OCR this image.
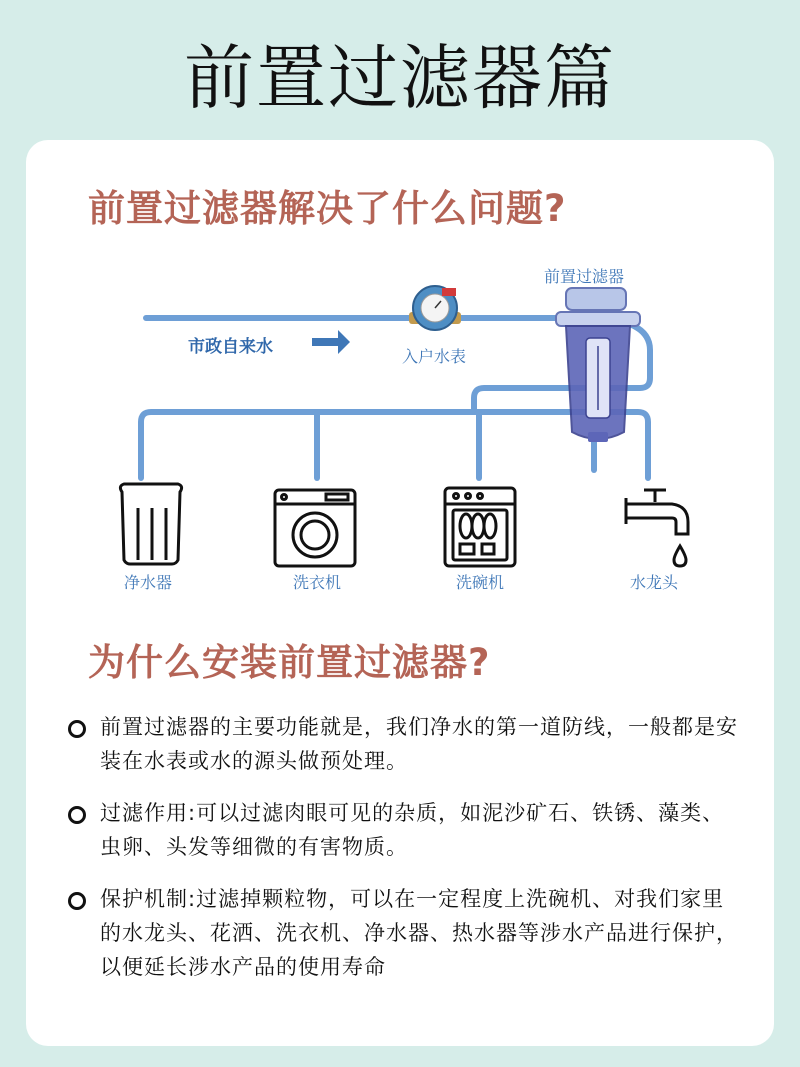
前置过滤器篇
前置过滤器解决了什么问题?
前置过滤器
市政自来水	入户水表
净水器	洗衣机	洗碗机	水龙头
为什么安装前置过滤器?
前置过滤器的主要功能就是，我们净水的第一道防线，一般都是安装在水表或水的源头做预处理。
过滤作用:可以过滤肉眼可见的杂质，如泥沙矿石、铁锈、藻类、虫卵、头发等细微的有害物质。
保护机制:过滤掉颗粒物，可以在一定程度上洗碗机、对我们家里的水龙头、花洒、洗衣机、净水器、热水器等涉水产品进行保护，以便延长涉水产品的使用寿命
